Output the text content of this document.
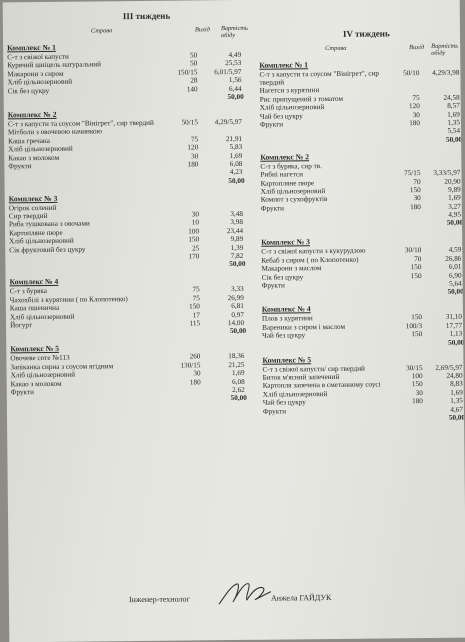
III тиждень
Страва	Вихід Вартість обіду
Комплекс № 1
С-т з свіжої капусти	50	4,49
Курячий шніцель натуральний	50	25,53
Макарони з сиром	150/15 6,01/5,97
Хліб цільнозерновий	28	1,56
Сік без цукру	140	6,44
50,00
Комплекс № 2
С-т з капусти та соусом "Вінігрет", сир твердий	50/15 4,29/5,97
Мітболи з овочевою начинкою
Каша гречана	75	21,91
Хліб цільнозерновий	120	5,83
Какао з молоком	30	1,69
Фрукти	180	6,08
4,23
50,00
Комплекс № 3
Огірок солений
Сир твердий	30	3,48
Риба тушкована з овочами	10	3,98
Картопляне пюре	100	23,44
Хліб цільнозерновий	150	9,89
Сік фруктовий без цукру	25	1,39
170	7,82
50,00
Комплекс № 4
С-т з буряка	75	3,33
Чахохбілі з курятини ( по Клопотенко)	75	26,99
Каша пшенична	150	6,81
Хліб цільнозерновий	17	0,97
Йогурт	115	14,00
50,00
Комплекс № 5
Овочеве соте №113	260	18,36
Запіканка сирна з соусом ягідним	130/15	21,25
Хліб цільнозерновий	30	1,69
Какао з молоком	180	6,08
Фрукти	2,62
50,00
IV тиждень
Страва	Вихід Вартість обіду
Комплекс № 1
С-т з капусти та соусом "Вінігрет", сир твердий
50/10 4,29/3,98
Нагетси з курятини
Рис припущений з томатом	75	24,58
Хліб цільнозерновий	120	8,57
Чай без цукру	30	1,69
Фрукти	180	1,35
5,54
50,00
Комплекс № 2
С-т з буряка, сир тв.
Рибні нагетси	75/15 3,33/5,97
Картопляне пюре	70	20,90
Хліб цільнозерновий	150	9,89
Компот з сухофруктів	30	1,69
Фрукти	180	3,27
4,95
50,00
Комплекс № 3
С-т з свіжої капусти з кукурудзою	30/10	4,59
Кебаб з сиром ( по Клопотенко)	70	26,86
Макарони з маслом	150	6,01
Сік без цукру	150	6,90
Фрукти	5,64
50,00
Комплекс № 4
Плов з курятини	150	31,10
Вареники з сиром і маслом	100/3	17,77
Чай без цукру	150	1,13
50,00
Комплекс № 5
С-т з свіжої капусти/ сир твердий	30/15 2,69/5,97
Биток м'ясний запечений	100	24,80
Картопля запечена в сметанному соусі	150	8,83
Хліб цільнозерновий	30	1,69
Чай без цукру	180	1,35
Фрукти	4,67
50,00
Інженер-технолог	Анжела ГАЙДУК
